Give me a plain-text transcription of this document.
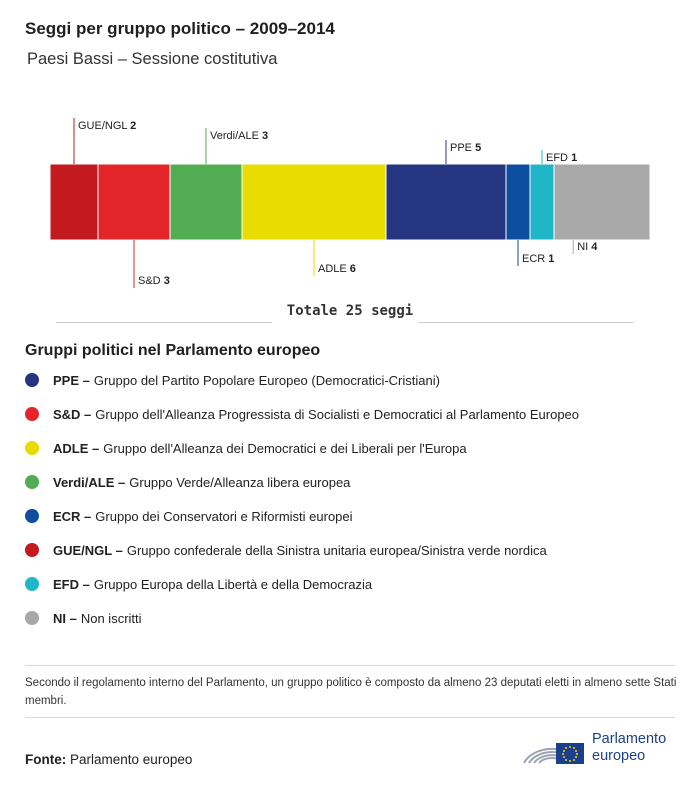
Seggi per gruppo politico – 2009–2014
Paesi Bassi – Sessione costitutiva
GUE/NGL 2
S&D 3
Verdi/ALE 3
ADLE 6
PPE 5
ECR 1
EFD 1
NI 4
Totale 25 seggi
Gruppi politici nel Parlamento europeo
PPE – Gruppo del Partito Popolare Europeo (Democratici-Cristiani)
S&D – Gruppo dell'Alleanza Progressista di Socialisti e Democratici al Parlamento Europeo
ADLE – Gruppo dell'Alleanza dei Democratici e dei Liberali per l'Europa
Verdi/ALE – Gruppo Verde/Alleanza libera europea
ECR – Gruppo dei Conservatori e Riformisti europei
GUE/NGL – Gruppo confederale della Sinistra unitaria europea/Sinistra verde nordica
EFD – Gruppo Europa della Libertà e della Democrazia
NI – Non iscritti
Secondo il regolamento interno del Parlamento, un gruppo politico è composto da almeno 23 deputati eletti in almeno sette Stati membri.
Fonte: Parlamento europeo
Parlamento
europeo
